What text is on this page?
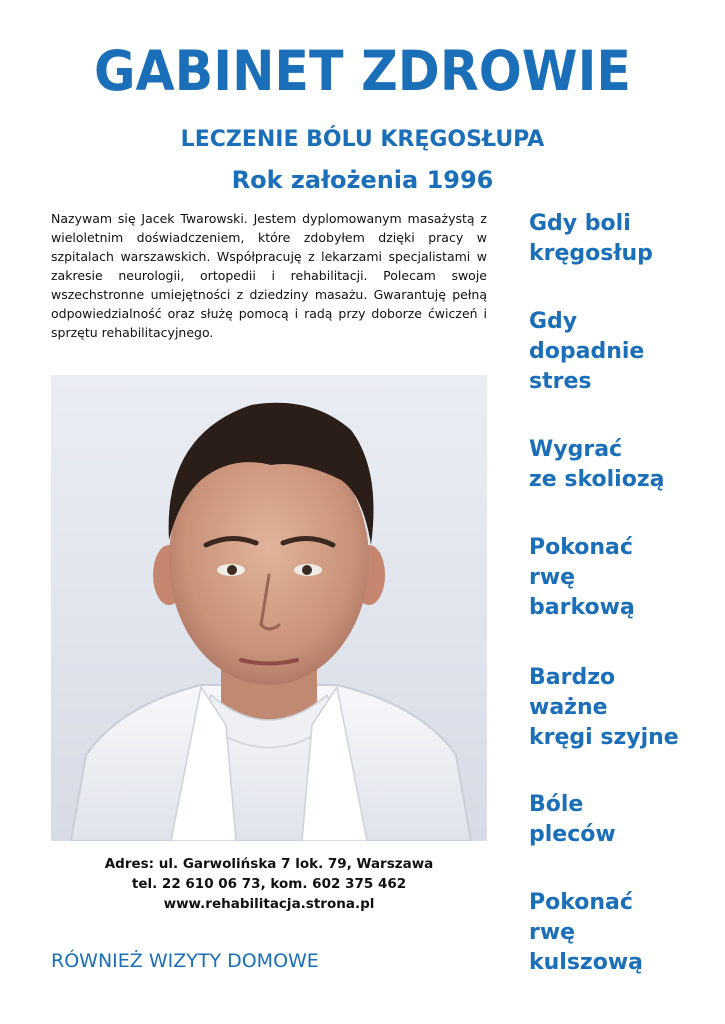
GABINET ZDROWIE
LECZENIE BÓLU KRĘGOSŁUPA
Rok założenia 1996

Nazywam się Jacek Twarowski. Jestem dyplomowanym masażystą z wieloletnim doświadczeniem, które zdobyłem dzięki pracy w szpitalach warszawskich. Współpracuję z lekarzami specjalistami w zakresie neurologii, ortopedii i rehabilitacji. Polecam swoje wszechstronne umiejętności z dziedziny masażu. Gwarantuję pełną odpowiedzialność oraz służę pomocą i radą przy doborze ćwiczeń i sprzętu rehabilitacyjnego.

Adres: ul. Garwolińska 7 lok. 79, Warszawa
tel. 22 610 06 73, kom. 602 375 462
www.rehabilitacja.strona.pl
RÓWNIEŻ WIZYTY DOMOWE
Gdy boli
kręgosłup
Gdy
dopadnie
stres
Wygrać
ze skoliozą
Pokonać
rwę
barkową
Bardzo
ważne
kręgi szyjne
Bóle
pleców
Pokonać
rwę
kulszową
